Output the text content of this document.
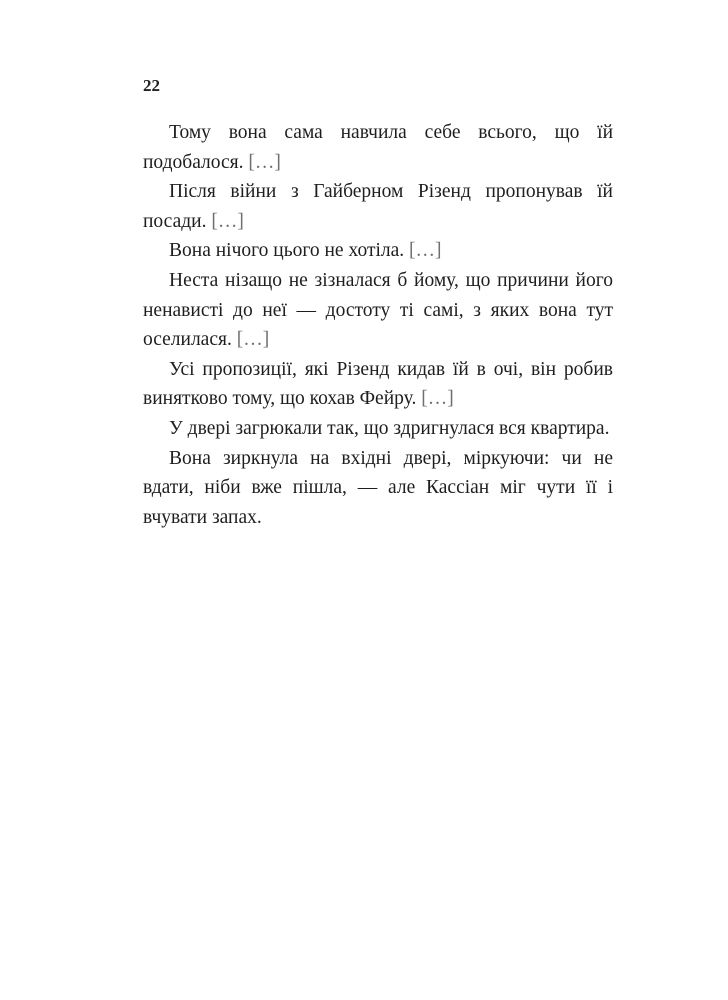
22

Тому вона сама навчила себе всього, що їй подобалося. […]

Після війни з Гайберном Різенд пропонував їй посади. […]

Вона нічого цього не хотіла. […]

Неста нізащо не зізналася б йому, що причини його ненависті до неї — достоту ті самі, з яких вона тут оселилася. […]

Усі пропозиції, які Різенд кидав їй в очі, він робив винятково тому, що кохав Фейру. […]

У двері загрюкали так, що здригнулася вся квартира.

Вона зиркнула на вхідні двері, міркуючи: чи не вдати, ніби вже пішла, — але Кассіан міг чути її і вчувати запах.
